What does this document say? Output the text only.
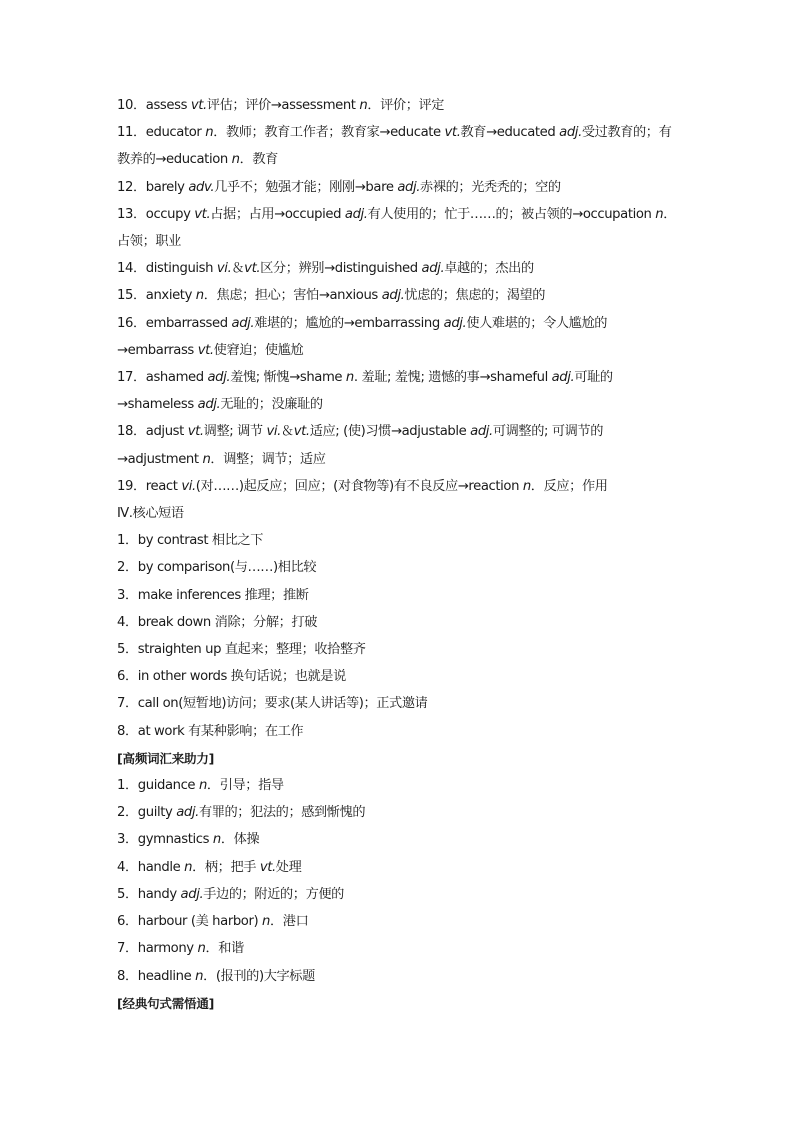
10．assess vt.评估；评价→assessment n．评价；评定
11．educator n．教师；教育工作者；教育家→educate vt.教育→educated adj.受过教育的；有教养的→education n．教育
12．barely adv.几乎不；勉强才能；刚刚→bare adj.赤裸的；光秃秃的；空的
13．occupy vt.占据；占用→occupied adj.有人使用的；忙于……的；被占领的→occupation n．占领；职业
14．distinguish vi.＆vt.区分；辨别→distinguished adj.卓越的；杰出的
15．anxiety n．焦虑；担心；害怕→anxious adj.忧虑的；焦虑的；渴望的
16．embarrassed adj.难堪的；尴尬的→embarrassing adj.使人难堪的；令人尴尬的→embarrass vt.使窘迫；使尴尬
17．ashamed adj.羞愧; 惭愧→shame n. 羞耻; 羞愧; 遗憾的事→shameful adj.可耻的→shameless adj.无耻的；没廉耻的
18．adjust vt.调整; 调节 vi.＆vt.适应; (使)习惯→adjustable adj.可调整的; 可调节的→adjustment n．调整；调节；适应
19．react vi.(对……)起反应；回应；(对食物等)有不良反应→reaction n．反应；作用
Ⅳ.核心短语
1．by contrast 相比之下
2．by comparison(与……)相比较
3．make inferences 推理；推断
4．break down 消除；分解；打破
5．straighten up 直起来；整理；收拾整齐
6．in other words 换句话说；也就是说
7．call on(短暂地)访问；要求(某人讲话等)；正式邀请
8．at work 有某种影响；在工作
[高频词汇来助力]
1．guidance n．引导；指导
2．guilty adj.有罪的；犯法的；感到惭愧的
3．gymnastics n．体操
4．handle n．柄；把手 vt.处理
5．handy adj.手边的；附近的；方便的
6．harbour (美 harbor) n．港口
7．harmony n．和谐
8．headline n．(报刊的)大字标题
[经典句式需悟通]
